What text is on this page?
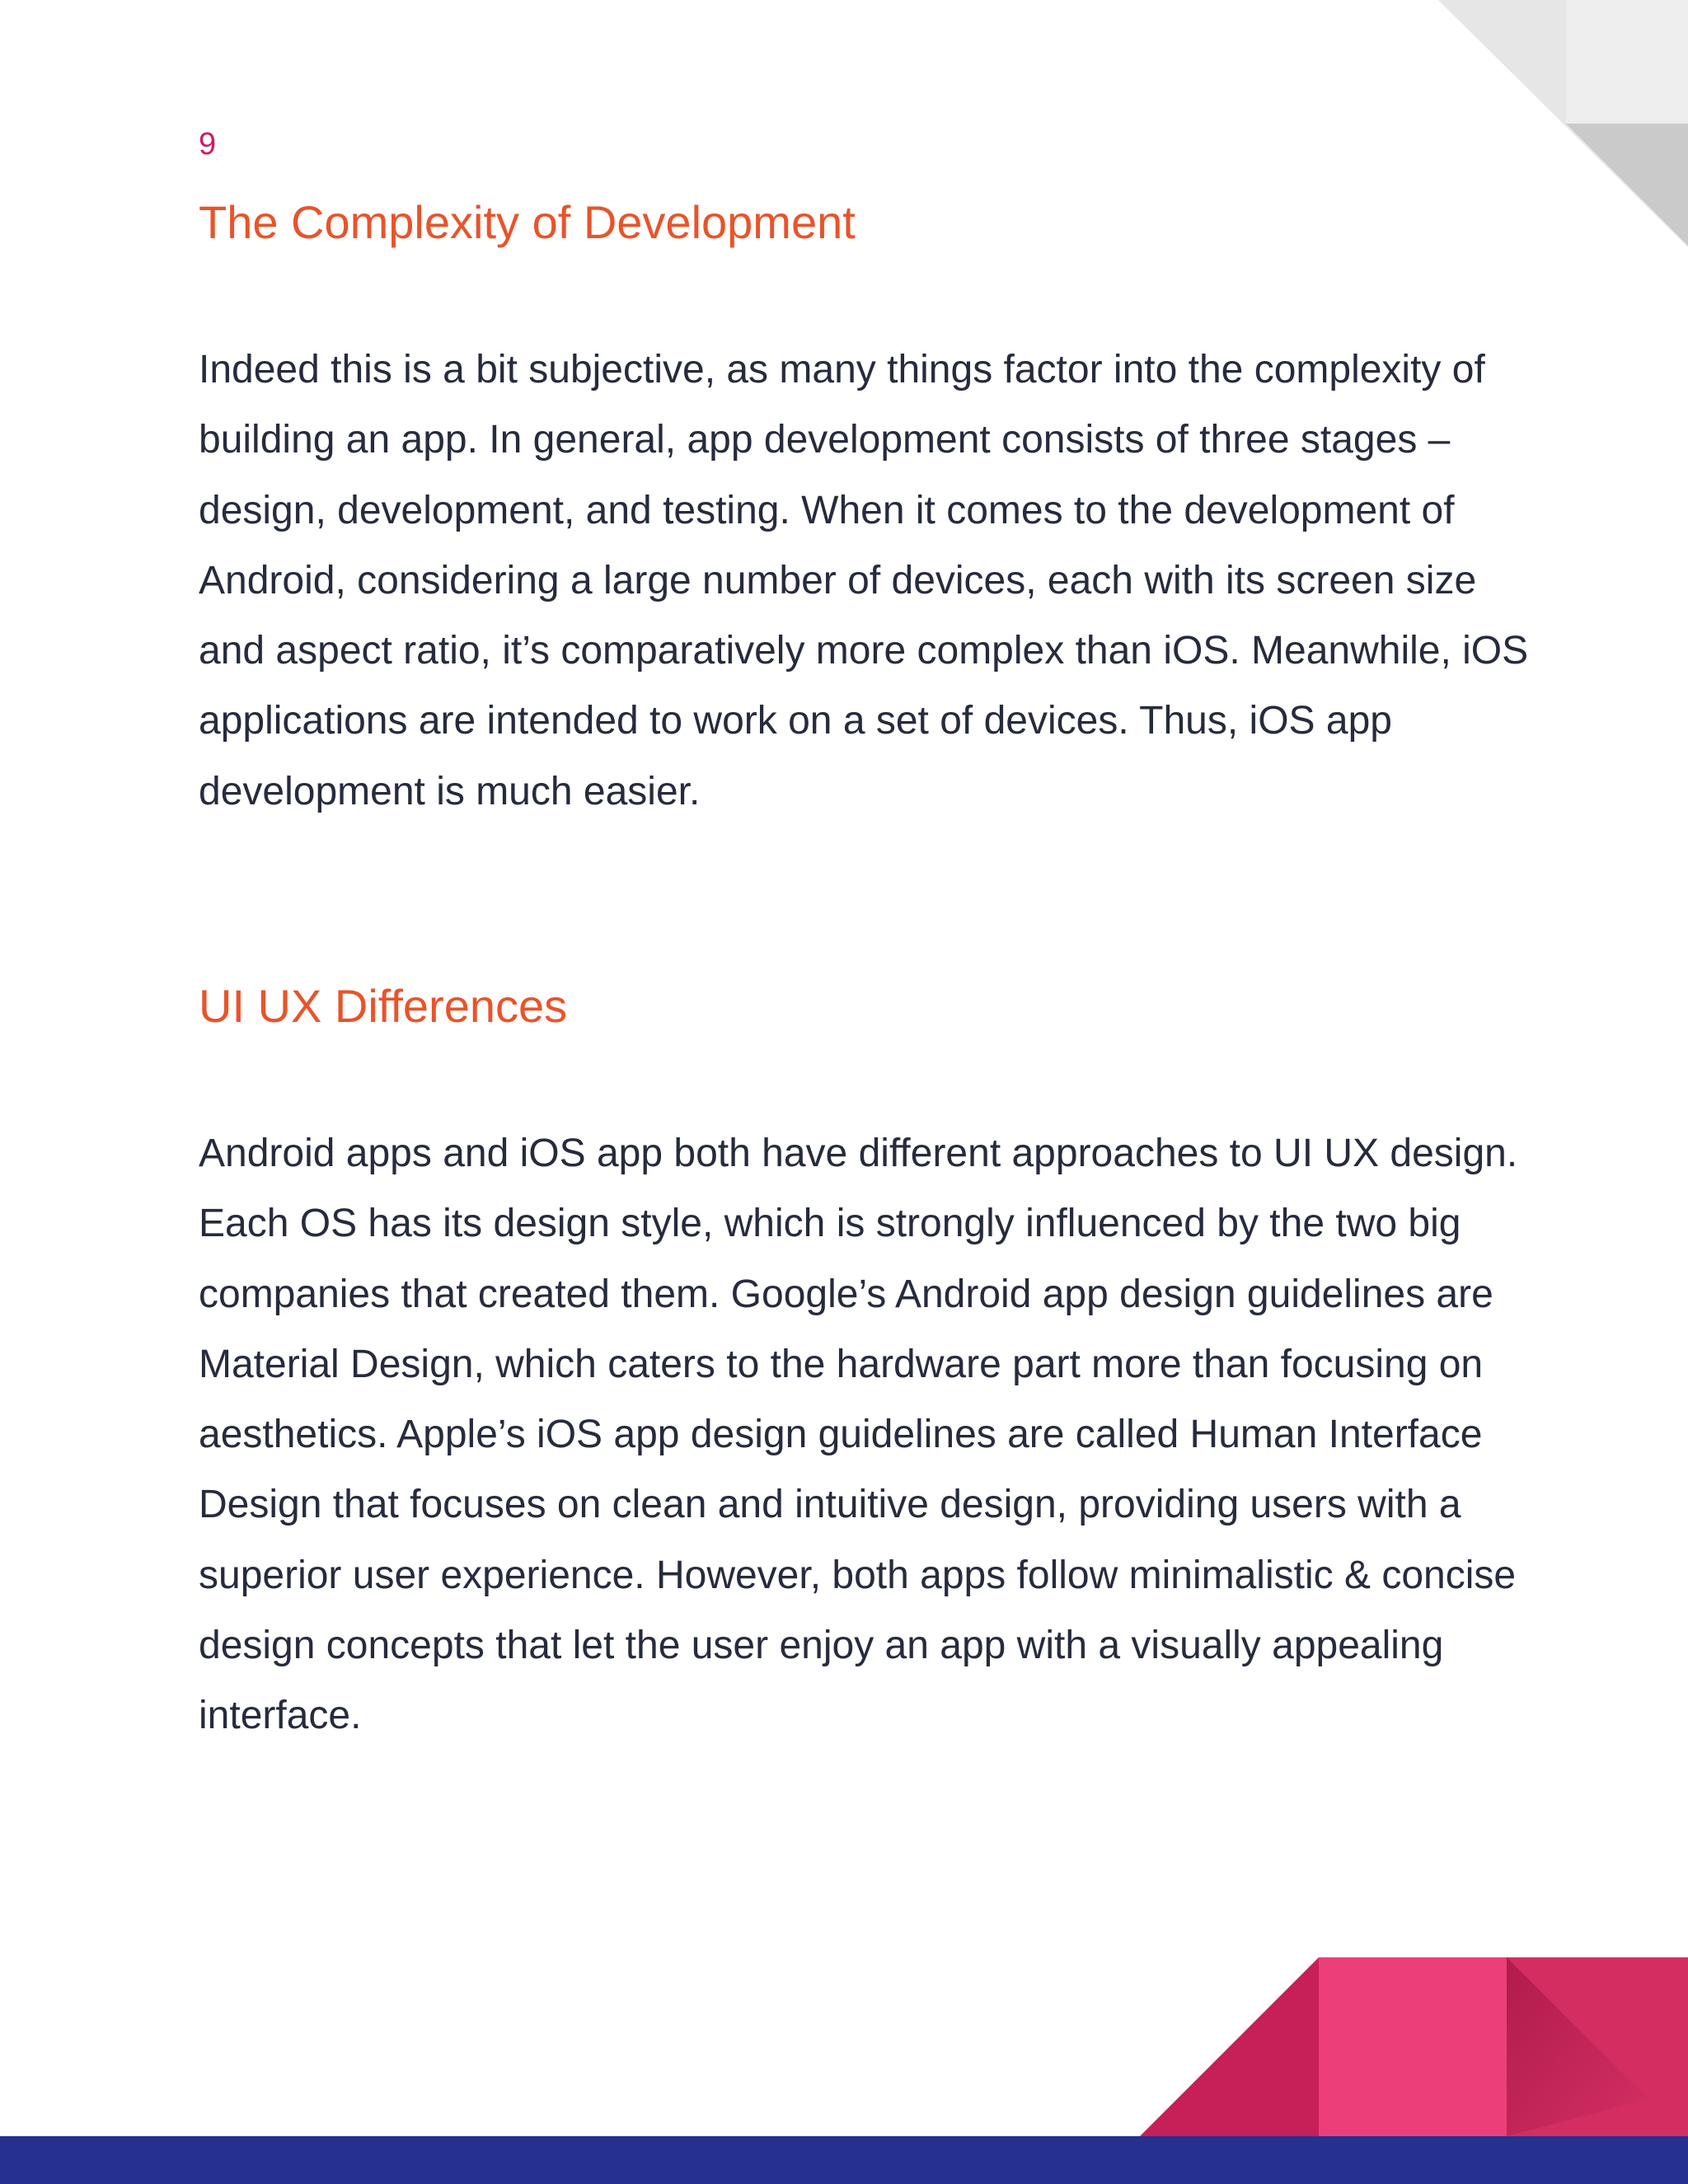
9

The Complexity of Development

Indeed this is a bit subjective, as many things factor into the complexity of building an app. In general, app development consists of three stages – design, development, and testing. When it comes to the development of Android, considering a large number of devices, each with its screen size and aspect ratio, it’s comparatively more complex than iOS. Meanwhile, iOS applications are intended to work on a set of devices. Thus, iOS app development is much easier.

UI UX Differences

Android apps and iOS app both have different approaches to UI UX design. Each OS has its design style, which is strongly influenced by the two big companies that created them. Google’s Android app design guidelines are Material Design, which caters to the hardware part more than focusing on aesthetics. Apple’s iOS app design guidelines are called Human Interface Design that focuses on clean and intuitive design, providing users with a superior user experience. However, both apps follow minimalistic & concise design concepts that let the user enjoy an app with a visually appealing interface.
